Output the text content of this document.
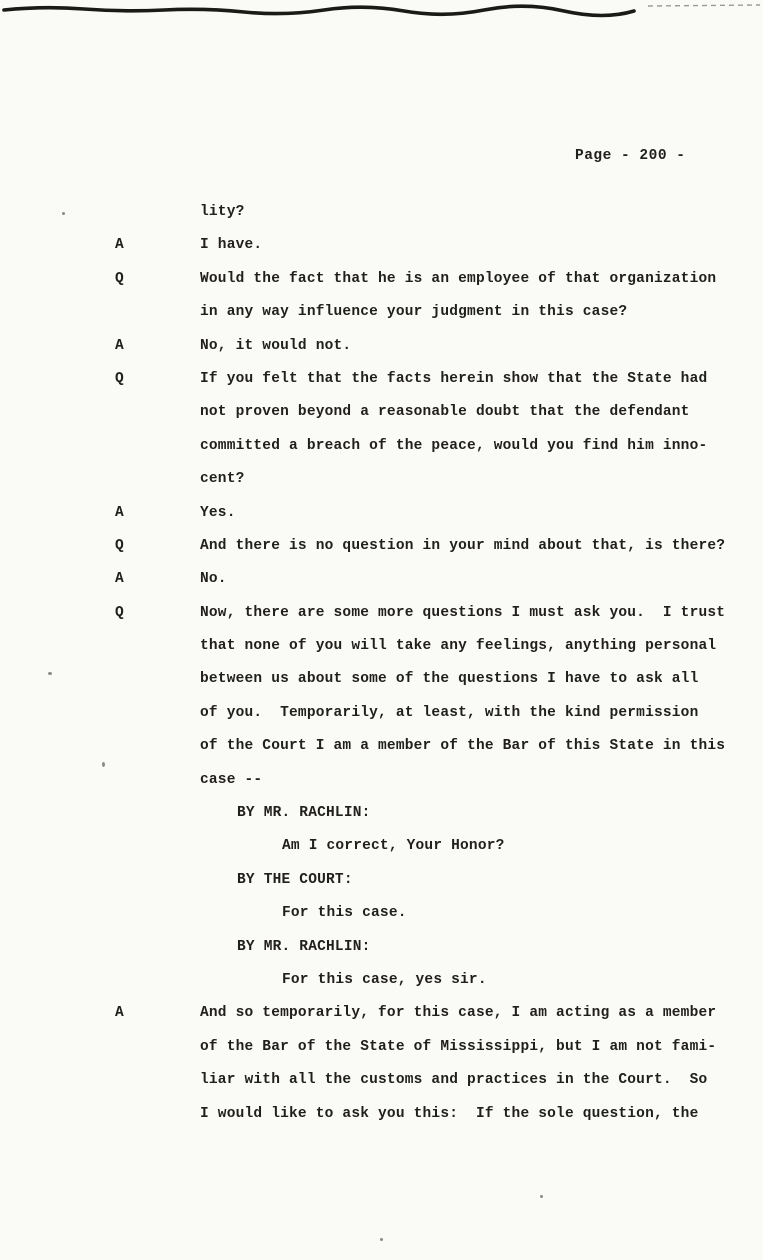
Page - 200 -
lity?
A	I have.
Q	Would the fact that he is an employee of that organization
in any way influence your judgment in this case?
A	No, it would not.
Q	If you felt that the facts herein show that the State had
not proven beyond a reasonable doubt that the defendant
committed a breach of the peace, would you find him inno-
cent?
A	Yes.
Q	And there is no question in your mind about that, is there?
A	No.
Q	Now, there are some more questions I must ask you.  I trust
that none of you will take any feelings, anything personal
between us about some of the questions I have to ask all
of you.  Temporarily, at least, with the kind permission
of the Court I am a member of the Bar of this State in this
case --
BY MR. RACHLIN:
Am I correct, Your Honor?
BY THE COURT:
For this case.
BY MR. RACHLIN:
For this case, yes sir.
A	And so temporarily, for this case, I am acting as a member
of the Bar of the State of Mississippi, but I am not fami-
liar with all the customs and practices in the Court.  So
I would like to ask you this:  If the sole question, the
